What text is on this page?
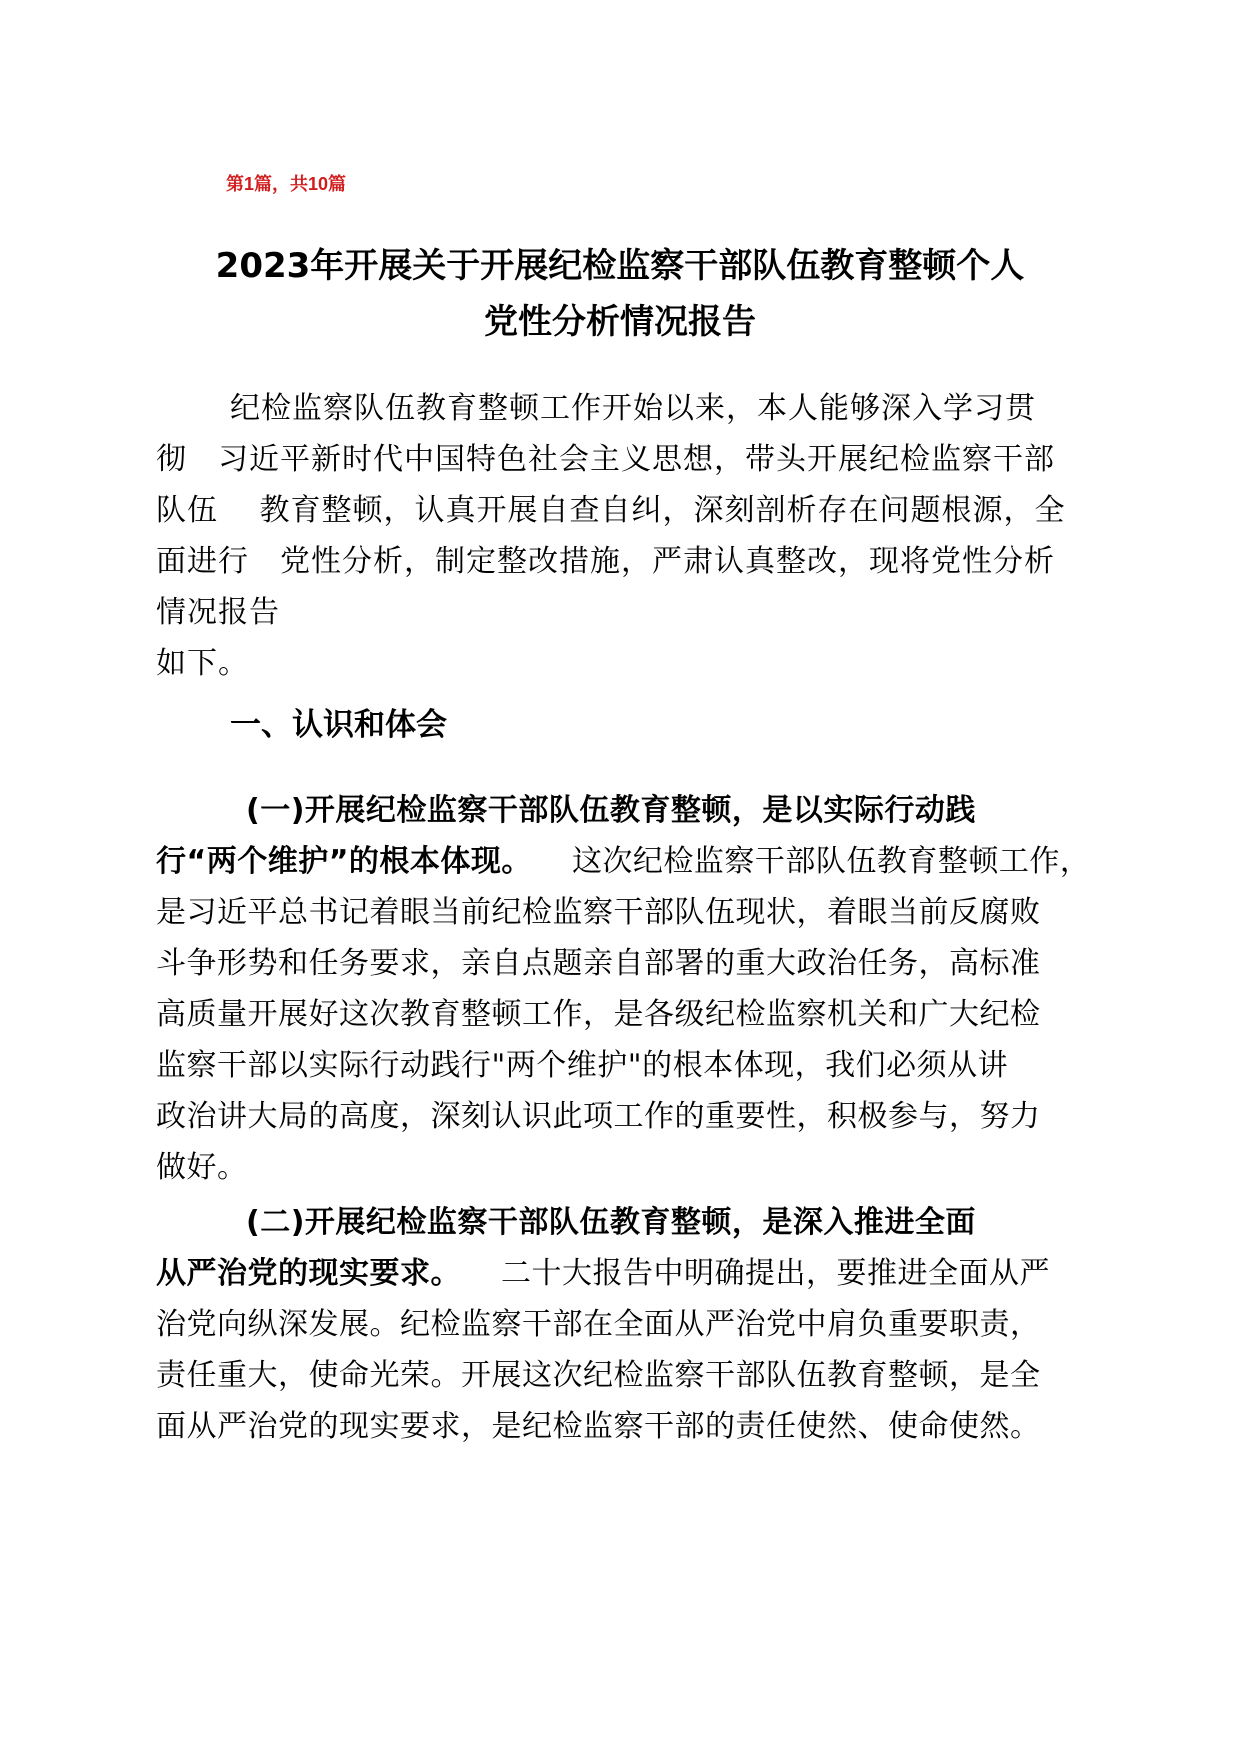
第1篇，共10篇
2023年开展关于开展纪检监察干部队伍教育整顿个人
党性分析情况报告
纪检监察队伍教育整顿工作开始以来，本人能够深入学习贯
彻　习近平新时代中国特色社会主义思想，带头开展纪检监察干部
队伍　 教育整顿，认真开展自查自纠，深刻剖析存在问题根源，全
面进行　党性分析，制定整改措施，严肃认真整改，现将党性分析
情况报告
如下。
一、认识和体会
(一)开展纪检监察干部队伍教育整顿，是以实际行动践
行“两个维护”的根本体现。 这次纪检监察干部队伍教育整顿工作，
是习近平总书记着眼当前纪检监察干部队伍现状，着眼当前反腐败
斗争形势和任务要求，亲自点题亲自部署的重大政治任务，高标准
高质量开展好这次教育整顿工作，是各级纪检监察机关和广大纪检
监察干部以实际行动践行"两个维护"的根本体现，我们必须从讲
政治讲大局的高度，深刻认识此项工作的重要性，积极参与，努力
做好。
(二)开展纪检监察干部队伍教育整顿，是深入推进全面
从严治党的现实要求。 二十大报告中明确提出，要推进全面从严
治党向纵深发展。纪检监察干部在全面从严治党中肩负重要职责，
责任重大，使命光荣。开展这次纪检监察干部队伍教育整顿，是全
面从严治党的现实要求，是纪检监察干部的责任使然、使命使然。
